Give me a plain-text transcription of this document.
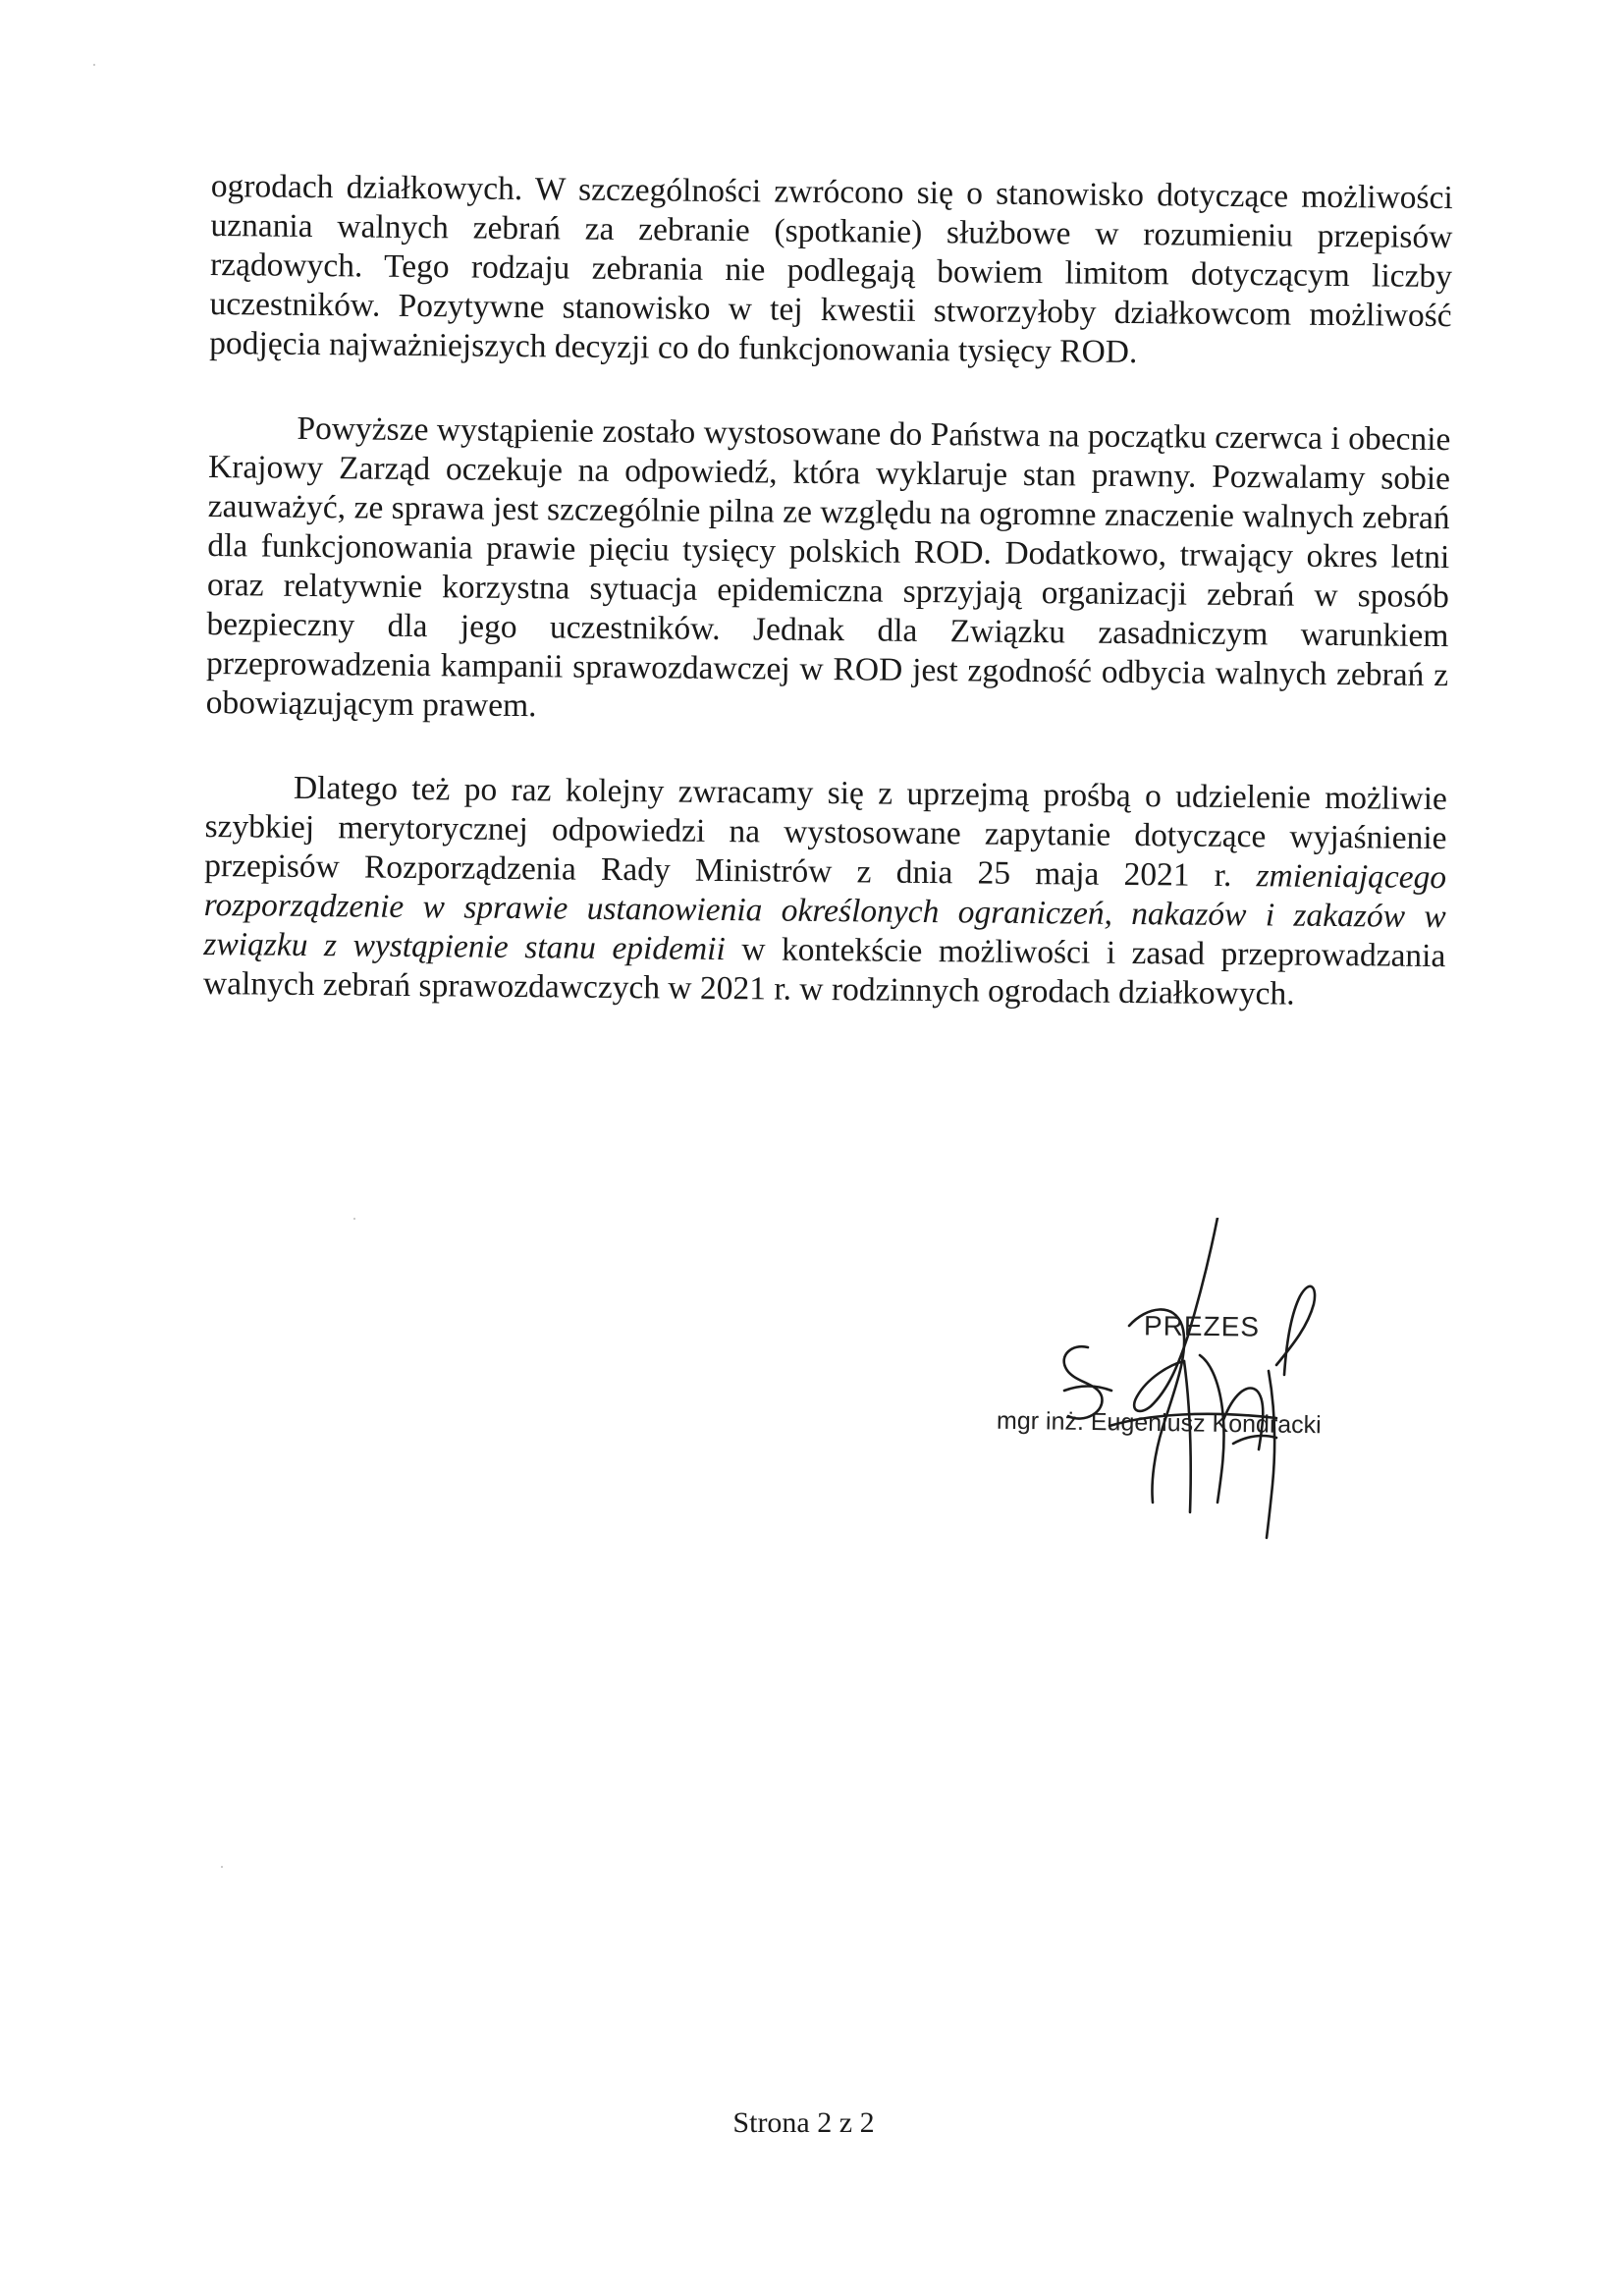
ogrodach działkowych. W szczególności zwrócono się o stanowisko dotyczące możliwości uznania walnych zebrań za zebranie (spotkanie) służbowe w rozumieniu przepisów rządowych. Tego rodzaju zebrania nie podlegają bowiem limitom dotyczącym liczby uczestników. Pozytywne stanowisko w tej kwestii stworzyłoby działkowcom możliwość podjęcia najważniejszych decyzji co do funkcjonowania tysięcy ROD.

Powyższe wystąpienie zostało wystosowane do Państwa na początku czerwca i obecnie Krajowy Zarząd oczekuje na odpowiedź, która wyklaruje stan prawny. Pozwalamy sobie zauważyć, ze sprawa jest szczególnie pilna ze względu na ogromne znaczenie walnych zebrań dla funkcjonowania prawie pięciu tysięcy polskich ROD. Dodatkowo, trwający okres letni oraz relatywnie korzystna sytuacja epidemiczna sprzyjają organizacji zebrań w sposób bezpieczny dla jego uczestników. Jednak dla Związku zasadniczym warunkiem przeprowadzenia kampanii sprawozdawczej w ROD jest zgodność odbycia walnych zebrań z obowiązującym prawem.

Dlatego też po raz kolejny zwracamy się z uprzejmą prośbą o udzielenie możliwie szybkiej merytorycznej odpowiedzi na wystosowane zapytanie dotyczące wyjaśnienie przepisów Rozporządzenia Rady Ministrów z dnia 25 maja 2021 r. zmieniającego rozporządzenie w sprawie ustanowienia określonych ograniczeń, nakazów i zakazów w związku z wystąpienie stanu epidemii w kontekście możliwości i zasad przeprowadzania walnych zebrań sprawozdawczych w 2021 r. w rodzinnych ogrodach działkowych.

PREZES
mgr inż. Eugeniusz Kondracki
Strona 2 z 2
